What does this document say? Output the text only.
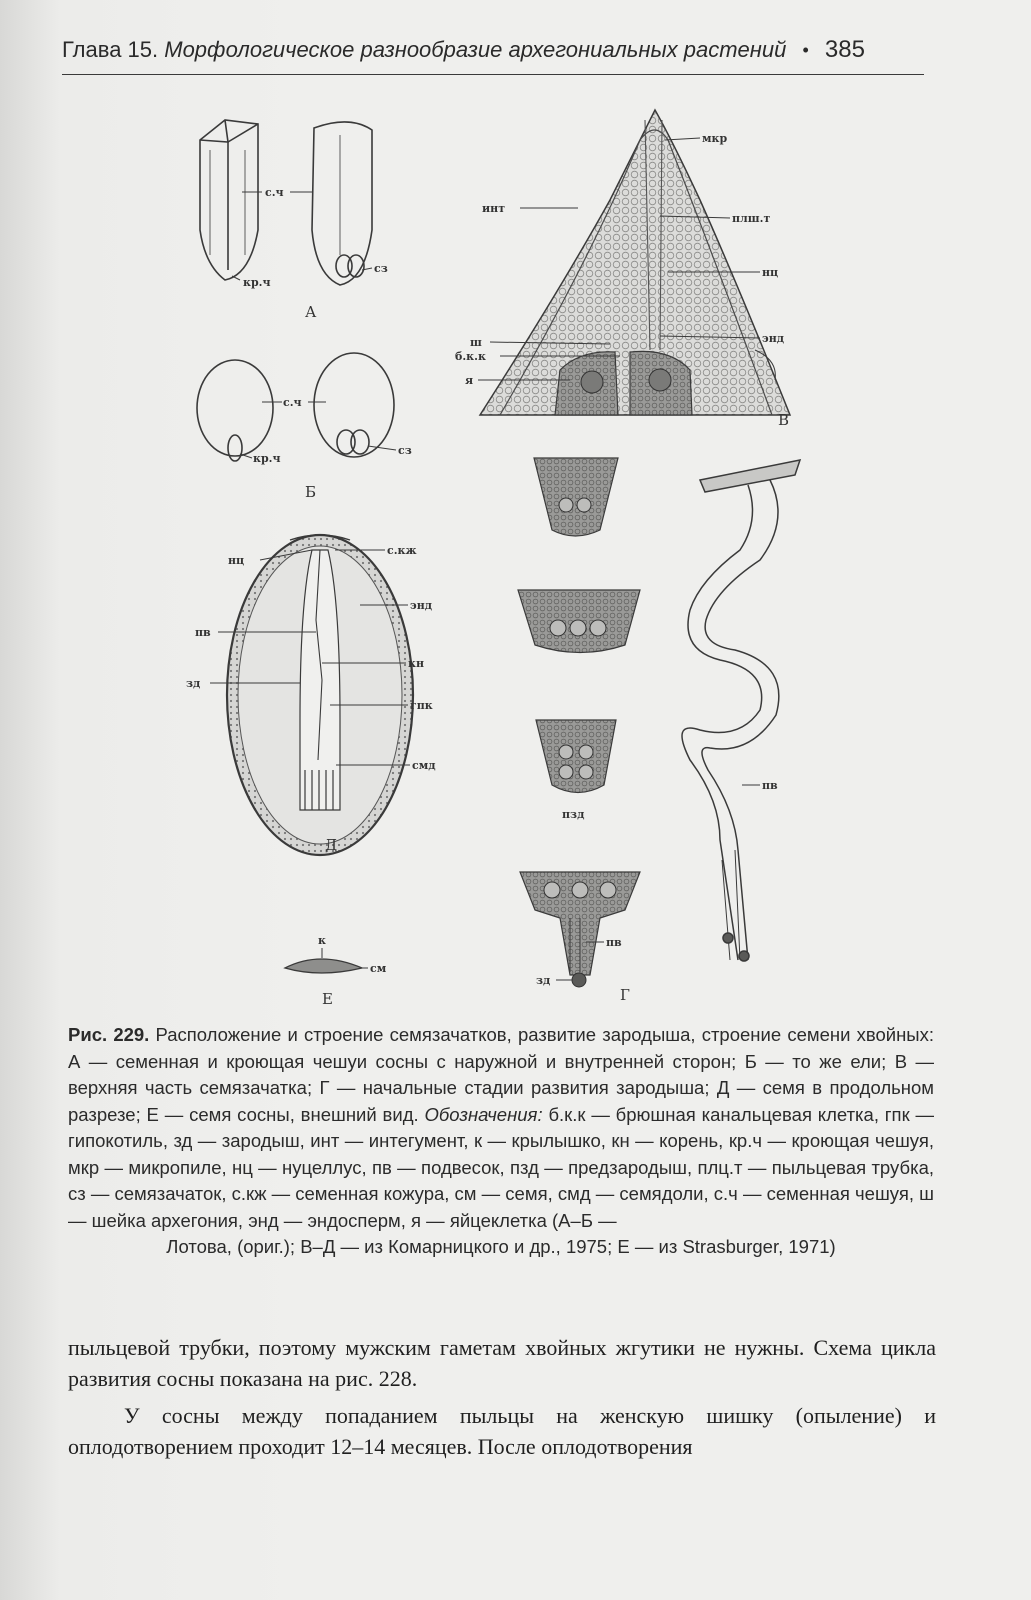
Глава 15. Морфологическое разнообразие архегониальных растений • 385
с.ч
кр.ч
сз
А
с.ч
кр.ч
сз
Б
мкр
инт
плш.т
нц
ш
б.к.к
я
энд
В
нц
с.кж
энд
пв
кн
зд
гпк
смд
Д
к
см
Е
пзд
пв
зд
Г
пв
Рис. 229. Расположение и строение семязачатков, развитие зародыша, строение семени хвойных: А — семенная и кроющая чешуи сосны с наружной и внутренней сторон; Б — то же ели; В — верхняя часть семязачатка; Г — начальные стадии развития зародыша; Д — семя в продольном разрезе; Е — семя сосны, внешний вид. Обозначения: б.к.к — брюшная канальцевая клетка, гпк — гипокотиль, зд — зародыш, инт — интегумент, к — крылышко, кн — корень, кр.ч — кроющая чешуя, мкр — микропиле, нц — нуцеллус, пв — подвесок, пзд — предзародыш, плц.т — пыльцевая трубка, сз — семязачаток, с.кж — семенная кожура, см — семя, смд — семядоли, с.ч — семенная чешуя, ш — шейка архегония, энд — эндосперм, я — яйцеклетка (А–Б —
Лотова, (ориг.); В–Д — из Комарницкого и др., 1975; Е — из Strasburger, 1971)

пыльцевой трубки, поэтому мужским гаметам хвойных жгутики не нужны. Схема цикла развития сосны показана на рис. 228.

У сосны между попаданием пыльцы на женскую шишку (опыление) и оплодотворением проходит 12–14 месяцев. После оплодотворения
